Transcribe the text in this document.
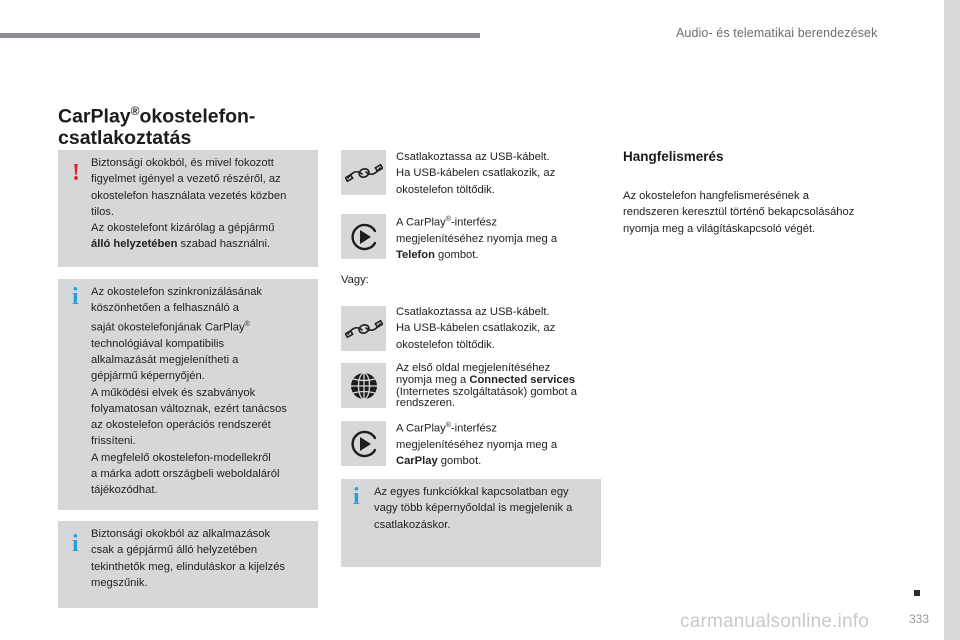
Audio- és telematikai berendezések
CarPlay®okostelefon-
csatlakoztatás
! Biztonsági okokból, és mivel fokozott
figyelmet igényel a vezető részéről, az
okostelefon használata vezetés közben
tilos.
Az okostelefont kizárólag a gépjármű
álló helyzetében szabad használni.
i Az okostelefon szinkronizálásának
köszönhetően a felhasználó a
saját okostelefonjának CarPlay®
technológiával kompatibilis
alkalmazását megjelenítheti a
gépjármű képernyőjén.
A működési elvek és szabványok
folyamatosan változnak, ezért tanácsos
az okostelefon operációs rendszerét
frissíteni.
A megfelelő okostelefon-modellekről
a márka adott országbeli weboldaláról
tájékozódhat.
i Biztonsági okokból az alkalmazások
csak a gépjármű álló helyzetében
tekinthetők meg, elinduláskor a kijelzés
megszűnik.
Csatlakoztassa az USB-kábelt.
Ha USB-kábelen csatlakozik, az
okostelefon töltődik.
A CarPlay®-interfész
megjelenítéséhez nyomja meg a
Telefon gombot.
Vagy:
Csatlakoztassa az USB-kábelt.
Ha USB-kábelen csatlakozik, az
okostelefon töltődik.
Az első oldal megjelenítéséhez
nyomja meg a Connected services
(Internetes szolgáltatások) gombot a
rendszeren.
A CarPlay®-interfész
megjelenítéséhez nyomja meg a
CarPlay gombot.
i Az egyes funkciókkal kapcsolatban egy
vagy több képernyőoldal is megjelenik a
csatlakozáskor.
Hangfelismerés
Az okostelefon hangfelismerésének a
rendszeren keresztül történő bekapcsolásához
nyomja meg a világításkapcsoló végét.
carmanualsonline.info	333
